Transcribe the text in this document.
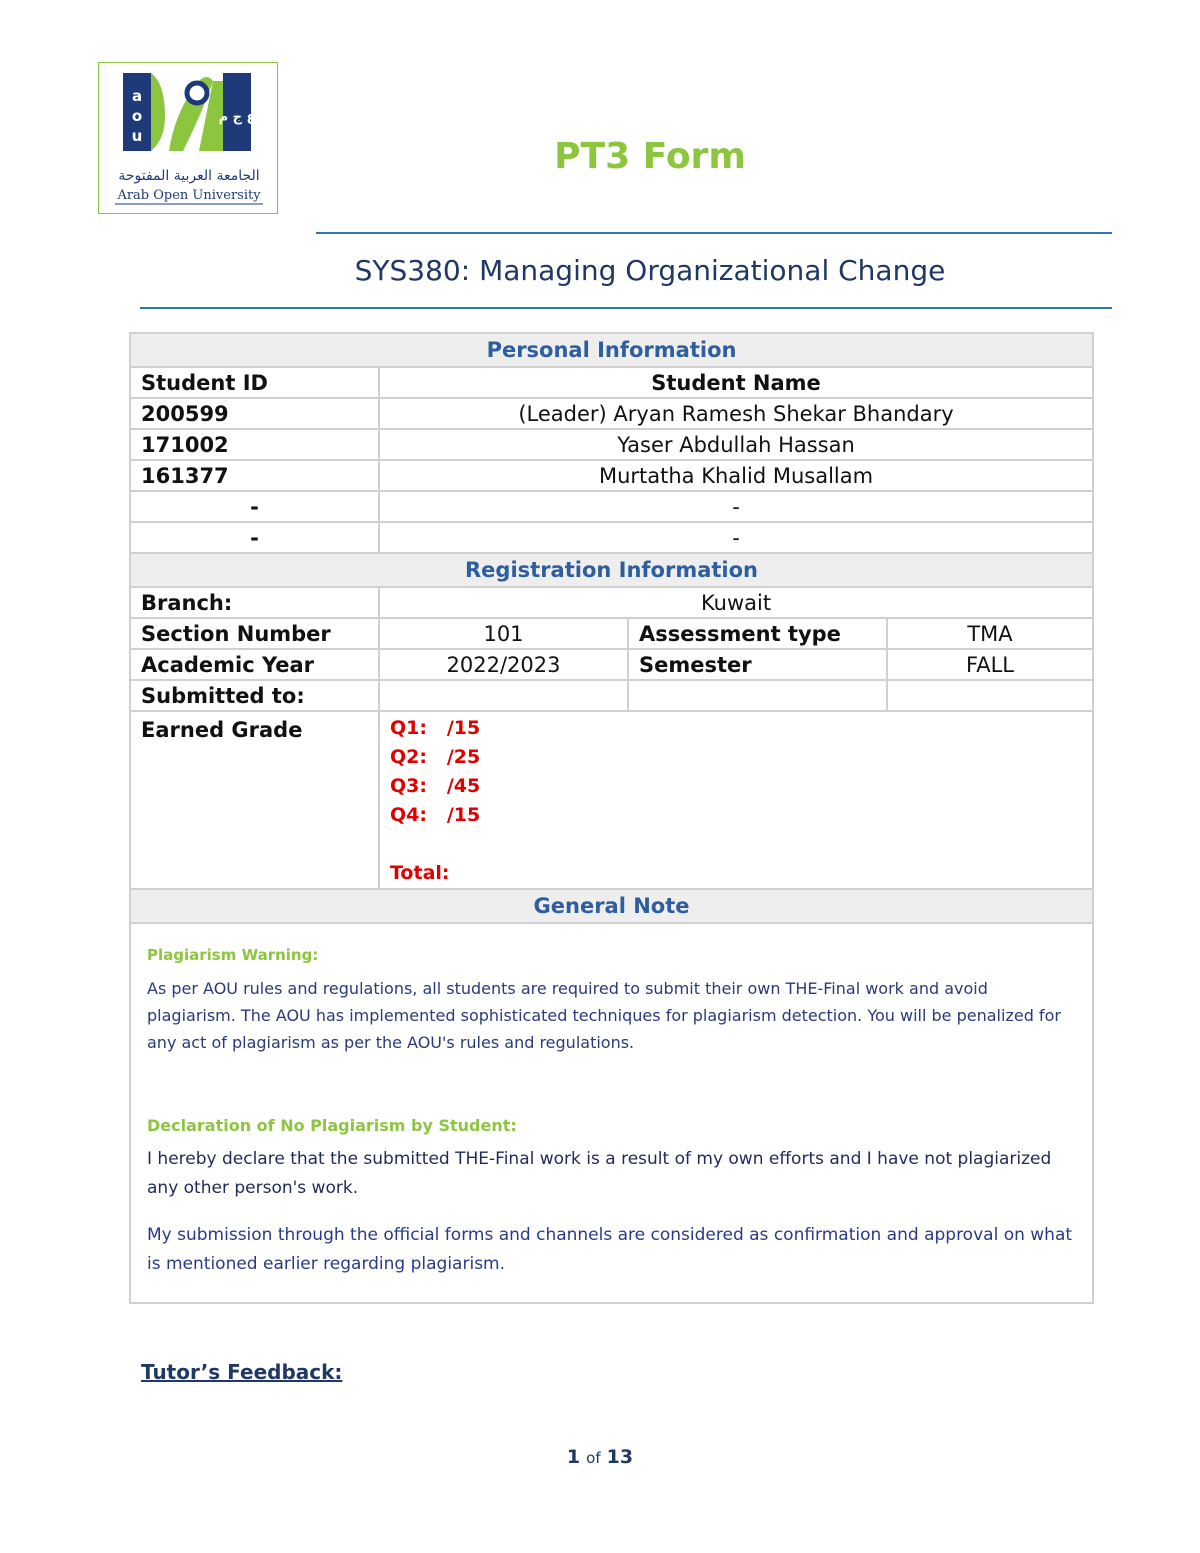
a
o
u
ع ج م
الجامعة العربية المفتوحة
Arab Open University
PT3 Form
SYS380: Managing Organizational Change
Personal Information			
Student ID	Student Name		
200599	(Leader) Aryan Ramesh Shekar Bhandary		
171002	Yaser Abdullah Hassan		
161377	Murtatha Khalid Musallam		
-	-		
-	-		
Registration Information			
Branch:	Kuwait		
Section Number	101	Assessment type	TMA
Academic Year	2022/2023	Semester	FALL
Submitted to:			
Earned Grade	Q1:   /15
Q2:   /25
Q3:   /45
Q4:   /15
Total:		

General Note			

Plagiarism Warning:
As per AOU rules and regulations, all students are required to submit their own THE-Final work and avoid plagiarism. The AOU has implemented sophisticated techniques for plagiarism detection. You will be penalized for any act of plagiarism as per the AOU's rules and regulations.
Declaration of No Plagiarism by Student:
I hereby declare that the submitted THE-Final work is a result of my own efforts and I have not plagiarized any other person's work.
My submission through the official forms and channels are considered as confirmation and approval on what is mentioned earlier regarding plagiarism.			
Tutor’s Feedback:
1 of 13
